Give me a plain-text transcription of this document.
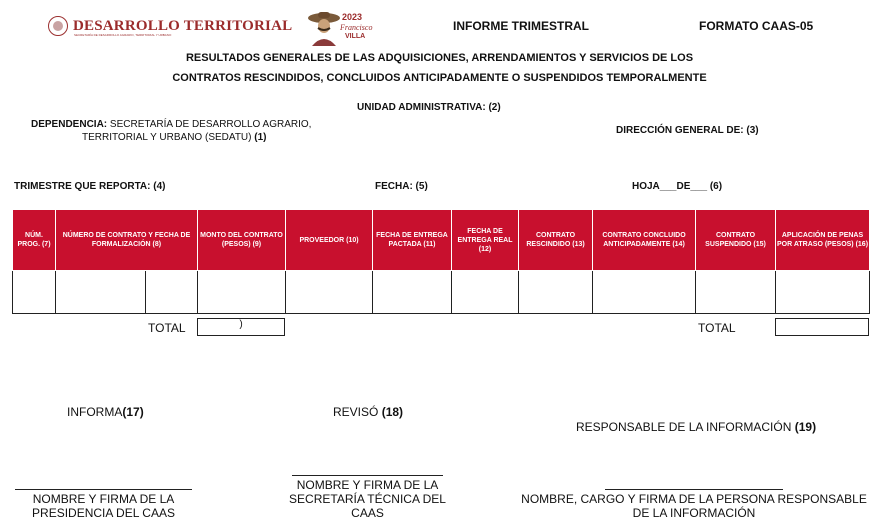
DESARROLLO TERRITORIAL
SECRETARÍA DE DESARROLLO AGRARIO, TERRITORIAL Y URBANO
2023
Francisco
VILLA
INFORME TRIMESTRAL	FORMATO CAAS-05
RESULTADOS GENERALES DE LAS ADQUISICIONES, ARRENDAMIENTOS Y SERVICIOS DE LOS
CONTRATOS RESCINDIDOS, CONCLUIDOS ANTICIPADAMENTE O SUSPENDIDOS TEMPORALMENTE
UNIDAD ADMINISTRATIVA: (2)
DEPENDENCIA: SECRETARÍA DE DESARROLLO AGRARIO,
TERRITORIAL Y URBANO (SEDATU) (1)
DIRECCIÓN GENERAL DE: (3)
TRIMESTRE QUE REPORTA: (4)	FECHA: (5)	HOJA___DE___ (6)
NÚM. PROG. (7)	NÚMERO DE CONTRATO Y FECHA DE FORMALIZACIÓN (8)		MONTO DEL CONTRATO (PESOS) (9)	PROVEEDOR (10)	FECHA DE ENTREGA PACTADA (11)	FECHA DE ENTREGA REAL (12)	CONTRATO RESCINDIDO (13)	CONTRATO CONCLUIDO ANTICIPADAMENTE (14)	CONTRATO SUSPENDIDO (15)	APLICACIÓN DE PENAS POR ATRASO (PESOS) (16)

TOTAL	)	TOTAL
INFORMA(17)	REVISÓ (18)
RESPONSABLE DE LA INFORMACIÓN (19)
NOMBRE Y FIRMA DE LA
PRESIDENCIA DEL CAAS
NOMBRE Y FIRMA DE LA
SECRETARÍA TÉCNICA DEL
CAAS
NOMBRE, CARGO Y FIRMA DE LA PERSONA RESPONSABLE
DE LA INFORMACIÓN
